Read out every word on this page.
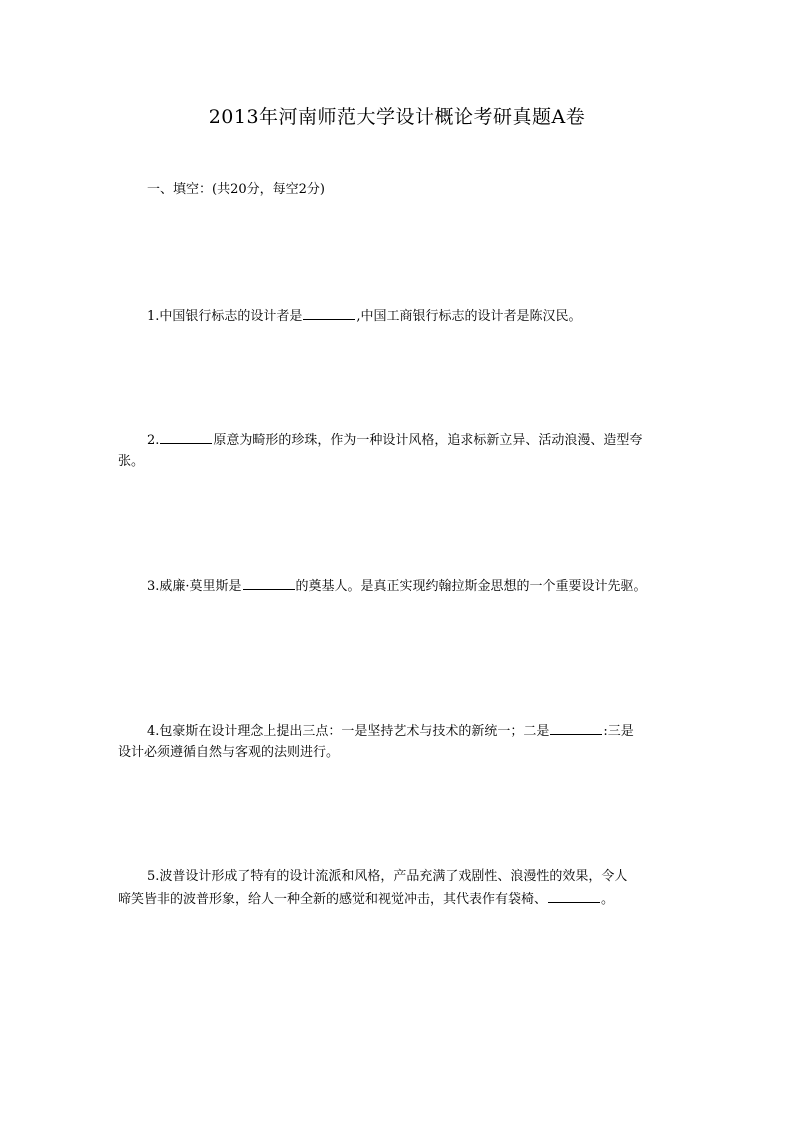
2013年河南师范大学设计概论考研真题A卷
一、填空：(共20分，每空2分)
1.中国银行标志的设计者是	,中国工商银行标志的设计者是陈汉民。
2.	原意为畸形的珍珠，作为一种设计风格，追求标新立异、活动浪漫、造型夸
张。
3.威廉·莫里斯是	的奠基人。是真正实现约翰拉斯金思想的一个重要设计先驱。
4.包豪斯在设计理念上提出三点：一是坚持艺术与技术的新统一；二是	:三是
设计必须遵循自然与客观的法则进行。
5.波普设计形成了特有的设计流派和风格，产品充满了戏剧性、浪漫性的效果，令人
啼笑皆非的波普形象，给人一种全新的感觉和视觉冲击，其代表作有袋椅、	。
